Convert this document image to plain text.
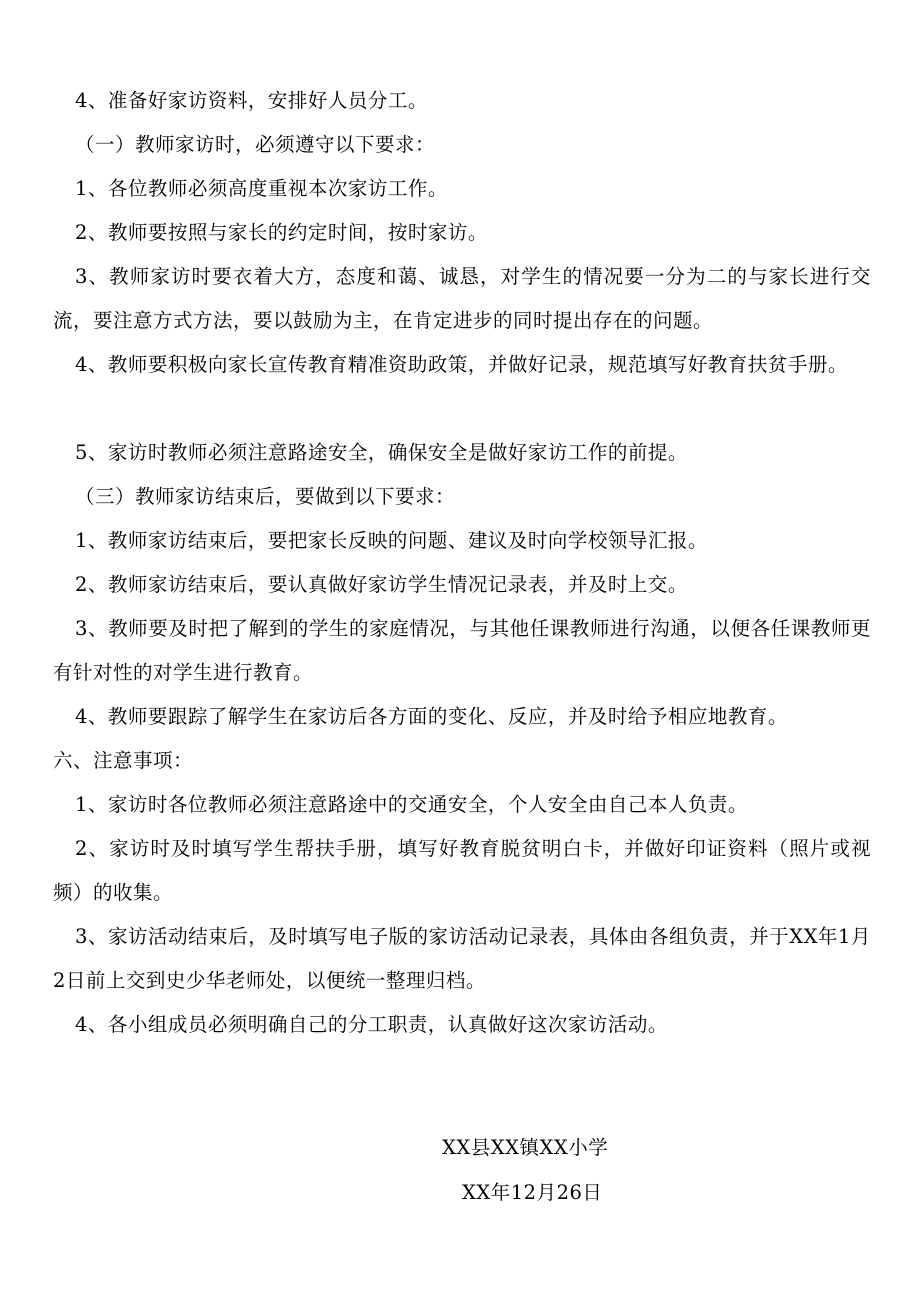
4、准备好家访资料，安排好人员分工。

（一）教师家访时，必须遵守以下要求：

1、各位教师必须高度重视本次家访工作。

2、教师要按照与家长的约定时间，按时家访。

3、教师家访时要衣着大方，态度和蔼、诚恳，对学生的情况要一分为二的与家长进行交流，要注意方式方法，要以鼓励为主，在肯定进步的同时提出存在的问题。

4、教师要积极向家长宣传教育精准资助政策，并做好记录，规范填写好教育扶贫手册。

5、家访时教师必须注意路途安全，确保安全是做好家访工作的前提。

（三）教师家访结束后，要做到以下要求：

1、教师家访结束后，要把家长反映的问题、建议及时向学校领导汇报。

2、教师家访结束后，要认真做好家访学生情况记录表，并及时上交。

3、教师要及时把了解到的学生的家庭情况，与其他任课教师进行沟通，以便各任课教师更有针对性的对学生进行教育。

4、教师要跟踪了解学生在家访后各方面的变化、反应，并及时给予相应地教育。

六、注意事项：

1、家访时各位教师必须注意路途中的交通安全，个人安全由自己本人负责。

2、家访时及时填写学生帮扶手册，填写好教育脱贫明白卡，并做好印证资料（照片或视频）的收集。

3、家访活动结束后，及时填写电子版的家访活动记录表，具体由各组负责，并于XX年1月2日前上交到史少华老师处，以便统一整理归档。

4、各小组成员必须明确自己的分工职责，认真做好这次家访活动。

XX县XX镇XX小学

XX年12月26日
